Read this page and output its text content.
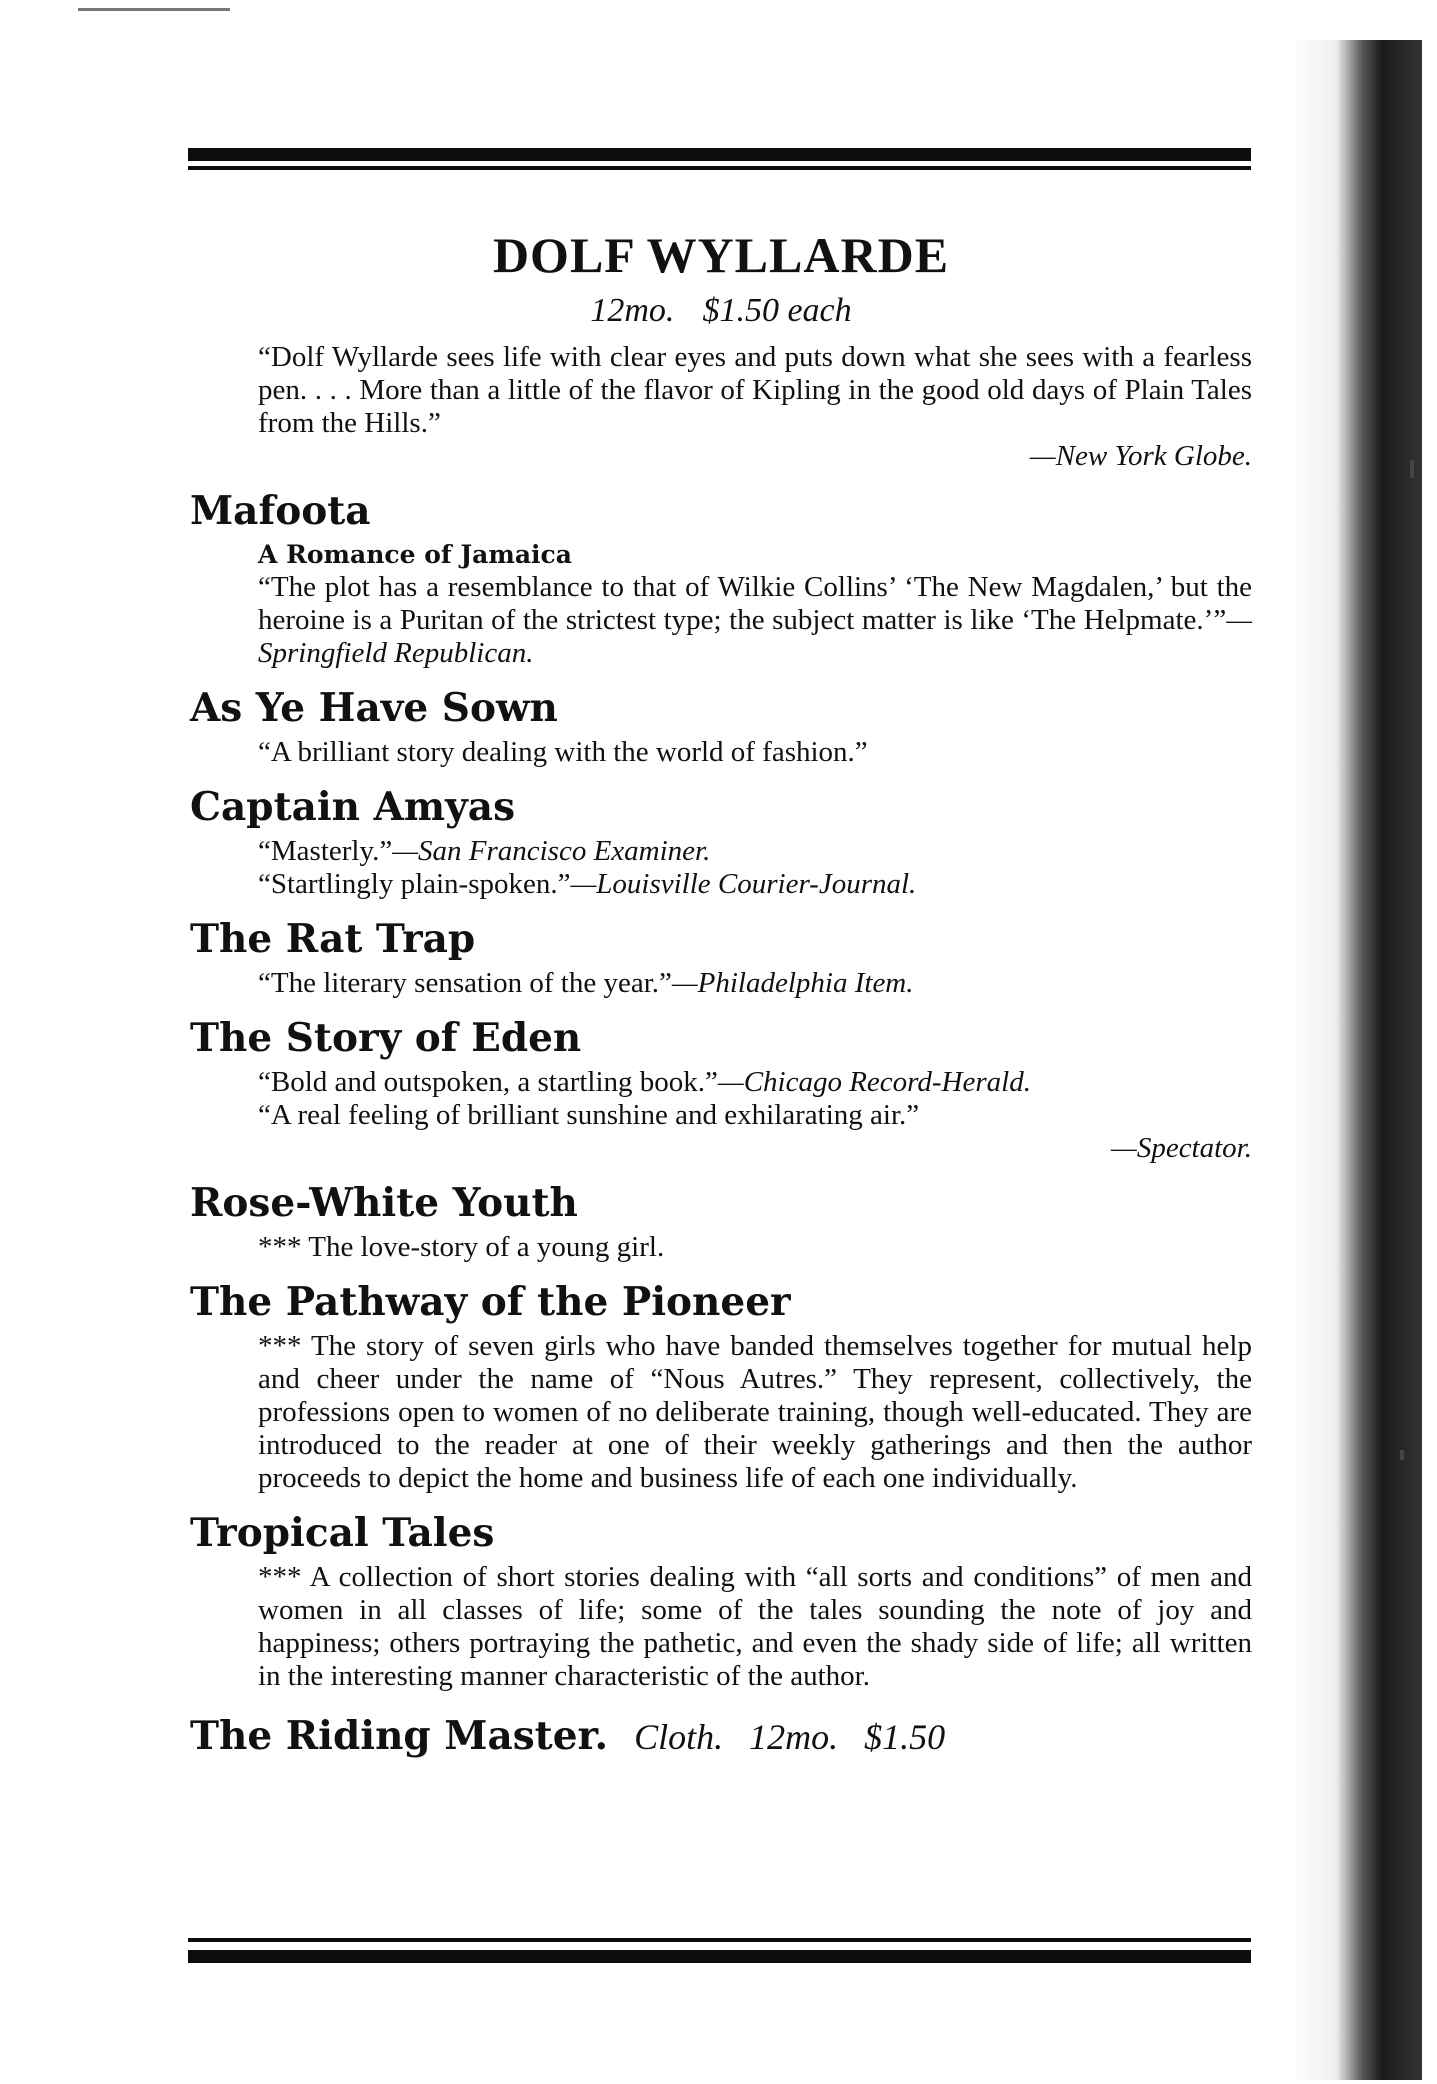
DOLF WYLLARDE
12mo. $1.50 each
“Dolf Wyllarde sees life with clear eyes and puts down what she sees with a fearless pen. . . . More than a little of the flavor of Kipling in the good old days of Plain Tales from the Hills.”
—New York Globe.
Mafoota
A Romance of Jamaica
“The plot has a resemblance to that of Wilkie Collins’ ‘The New Magdalen,’ but the heroine is a Puritan of the strictest type; the subject matter is like ‘The Helpmate.’”—Springfield Republican.
As Ye Have Sown
“A brilliant story dealing with the world of fashion.”
Captain Amyas

“Masterly.”—San Francisco Examiner.

“Startlingly plain-spoken.”—Louisville Courier-Journal.

The Rat Trap
“The literary sensation of the year.”—Philadelphia Item.
The Story of Eden

“Bold and outspoken, a startling book.”—Chicago Record-Herald.

“A real feeling of brilliant sunshine and exhilarating air.”

—Spectator.

Rose-White Youth
*** The love-story of a young girl.
The Pathway of the Pioneer
*** The story of seven girls who have banded themselves together for mutual help and cheer under the name of “Nous Autres.” They represent, collectively, the professions open to women of no deliberate training, though well-educated. They are introduced to the reader at one of their weekly gatherings and then the author proceeds to depict the home and business life of each one individually.
Tropical Tales
*** A collection of short stories dealing with “all sorts and conditions” of men and women in all classes of life; some of the tales sounding the note of joy and happiness; others portraying the pathetic, and even the shady side of life; all written in the interesting manner characteristic of the author.
The Riding Master. Cloth. 12mo. $1.50
